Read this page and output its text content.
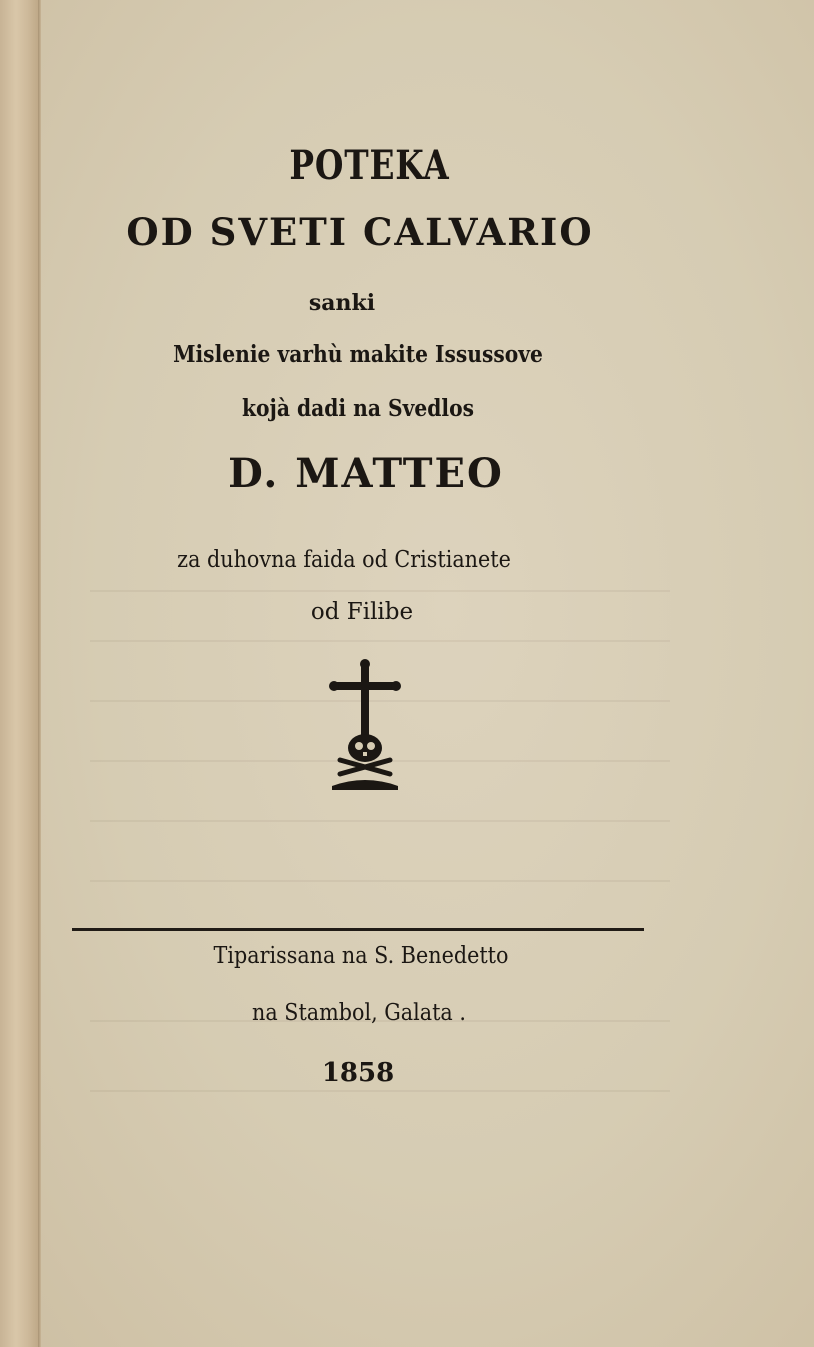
POTEKA
OD SVETI CALVARIO
sanki
Mislenie varhù makite Issussove
kojà dadi na Svedlos
D. MATTEO
za duhovna faida od Cristianete
od Filibe
Tiparissana na S. Benedetto
na Stambol, Galata .
1858
